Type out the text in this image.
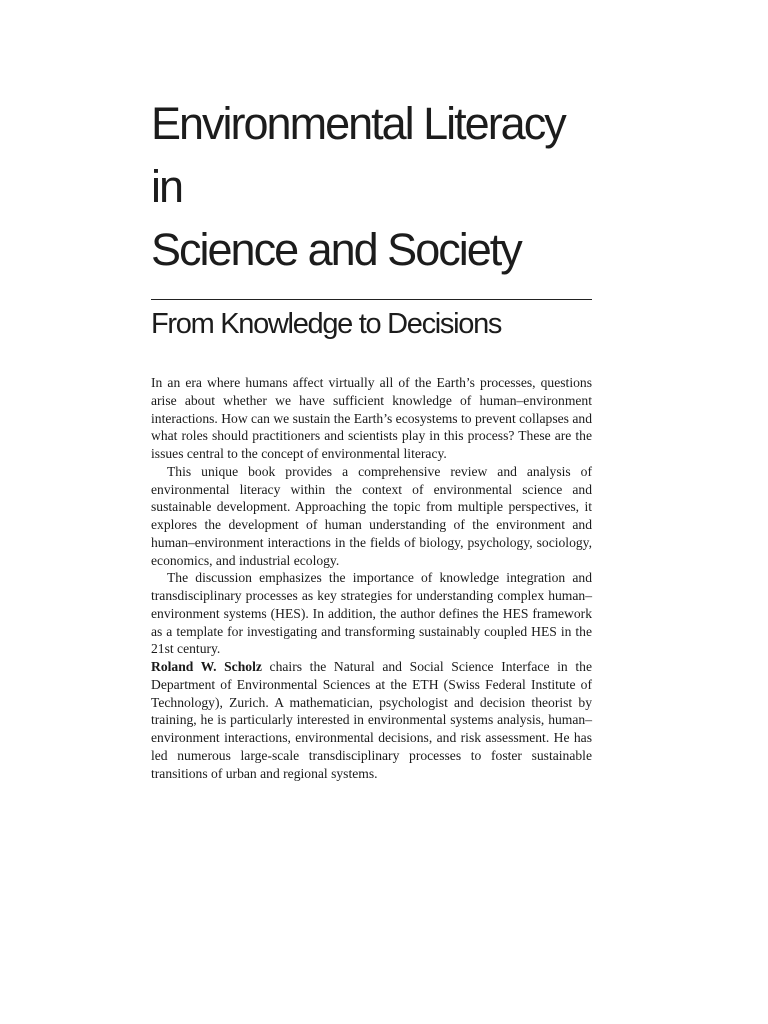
Environmental Literacy in
Science and Society
From Knowledge to Decisions

In an era where humans affect virtually all of the Earth’s processes, questions arise about whether we have sufficient knowledge of human–environment interactions. How can we sustain the Earth’s ecosystems to prevent collapses and what roles should practitioners and scientists play in this process? These are the issues central to the concept of environmental literacy.

This unique book provides a comprehensive review and analysis of environmental literacy within the context of environmental science and sustainable development. Approaching the topic from multiple perspectives, it explores the development of human understanding of the environment and human–environment interactions in the fields of biology, psychology, sociology, economics, and industrial ecology.

The discussion emphasizes the importance of knowledge integration and transdisciplinary processes as key strategies for understanding complex human–environment systems (HES). In addition, the author defines the HES framework as a template for investigating and transforming sustainably coupled HES in the 21st century.

Roland W. Scholz chairs the Natural and Social Science Interface in the Department of Environmental Sciences at the ETH (Swiss Federal Institute of Technology), Zurich. A mathematician, psychologist and decision theorist by training, he is particularly interested in environmental systems analysis, human–environment interactions, environmental decisions, and risk assessment. He has led numerous large-scale transdisciplinary processes to foster sustainable transitions of urban and regional systems.
